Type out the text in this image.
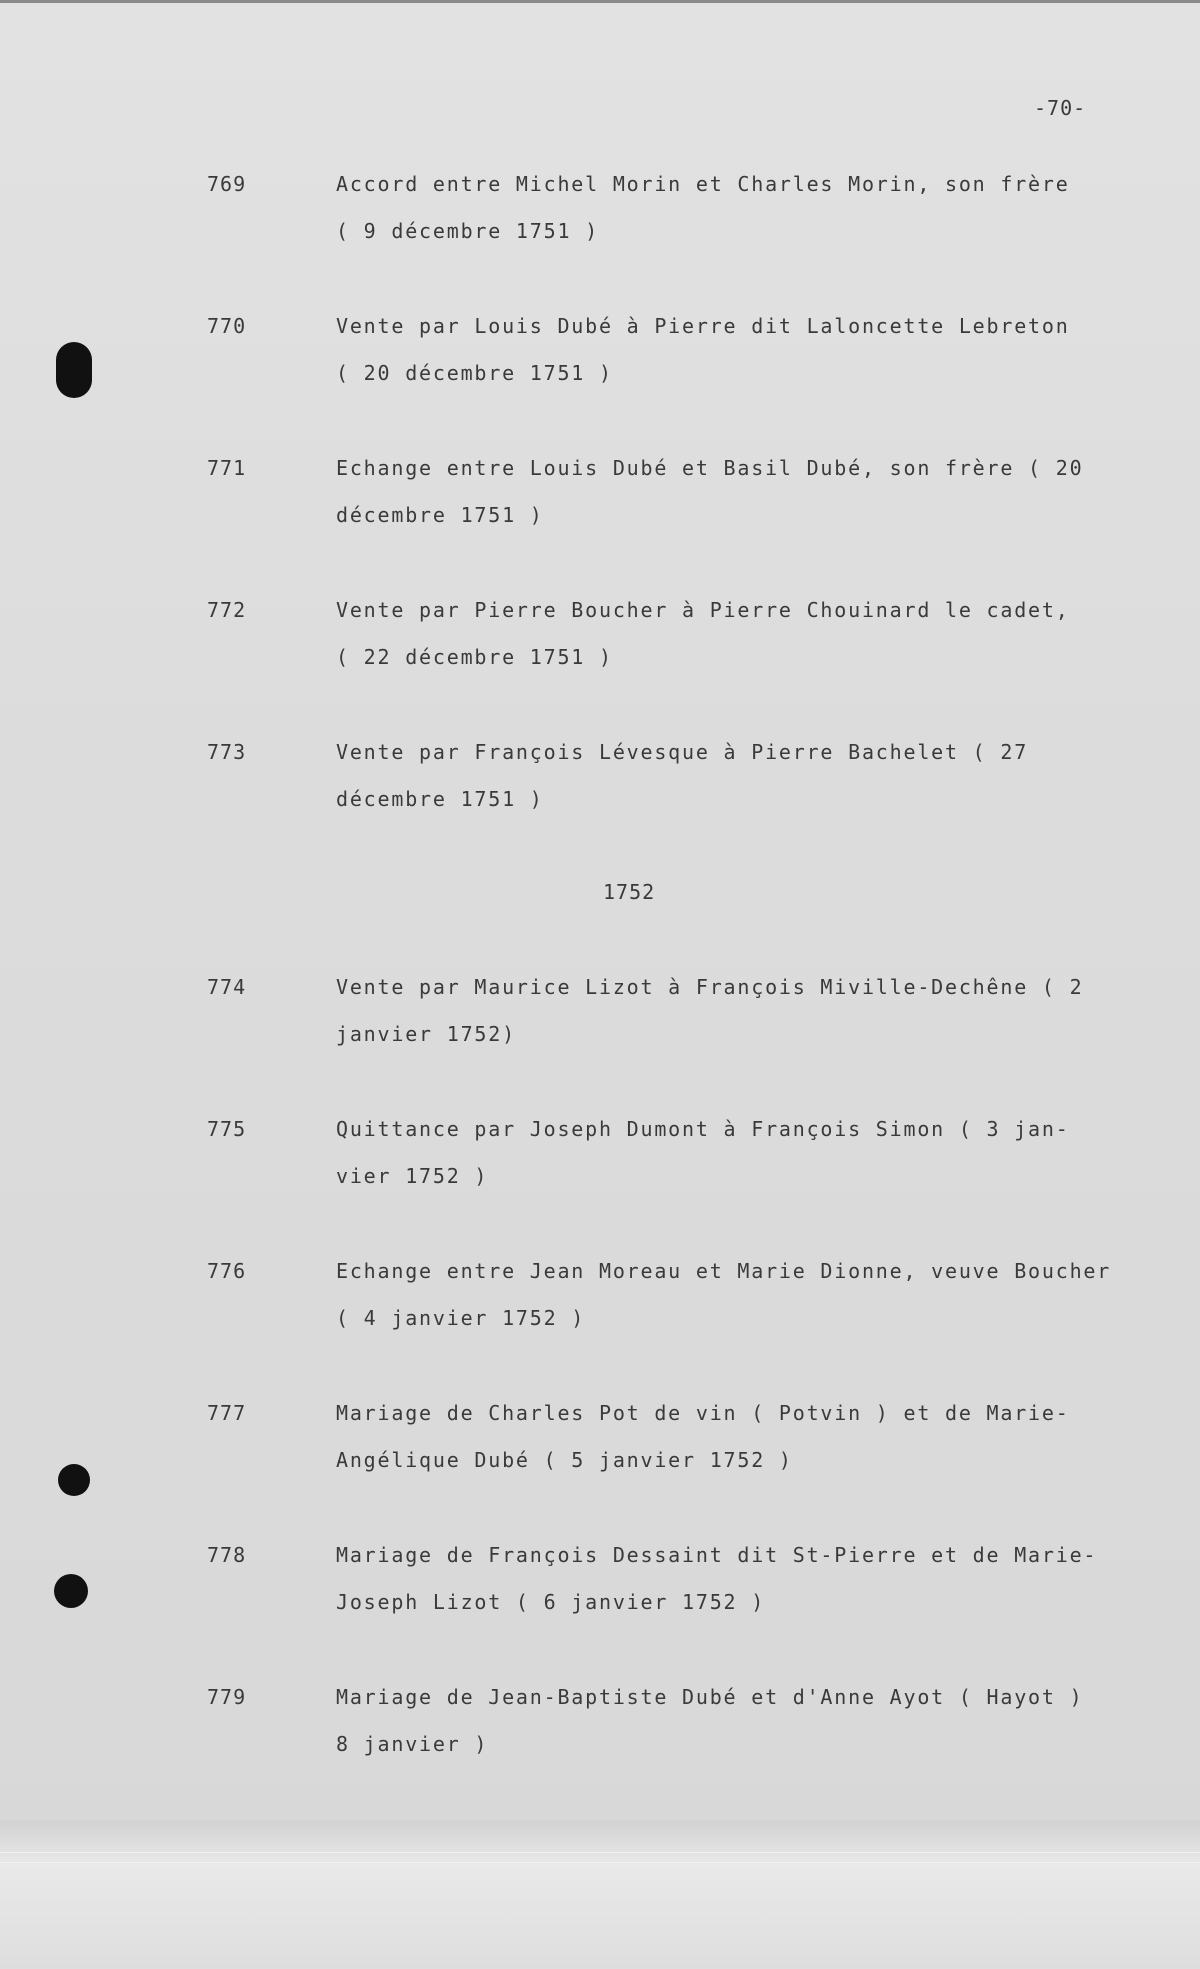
-70-
769	Accord entre Michel Morin et Charles Morin, son frère
( 9 décembre 1751 )
770	Vente par Louis Dubé à Pierre dit Laloncette Lebreton
( 20 décembre 1751 )
771	Echange entre Louis Dubé et Basil Dubé, son frère ( 20
décembre 1751 )
772	Vente par Pierre Boucher à Pierre Chouinard le cadet,
( 22 décembre 1751 )
773	Vente par François Lévesque à Pierre Bachelet ( 27
décembre 1751 )
1752
774	Vente par Maurice Lizot à François Miville-Dechêne ( 2
janvier 1752)
775	Quittance par Joseph Dumont à François Simon ( 3 jan-
vier 1752 )
776	Echange entre Jean Moreau et Marie Dionne, veuve Boucher
( 4 janvier 1752 )
777	Mariage de Charles Pot de vin ( Potvin ) et de Marie-
Angélique Dubé ( 5 janvier 1752 )
778	Mariage de François Dessaint dit St-Pierre et de Marie-
Joseph Lizot ( 6 janvier 1752 )
779	Mariage de Jean-Baptiste Dubé et d'Anne Ayot ( Hayot )
8 janvier )
